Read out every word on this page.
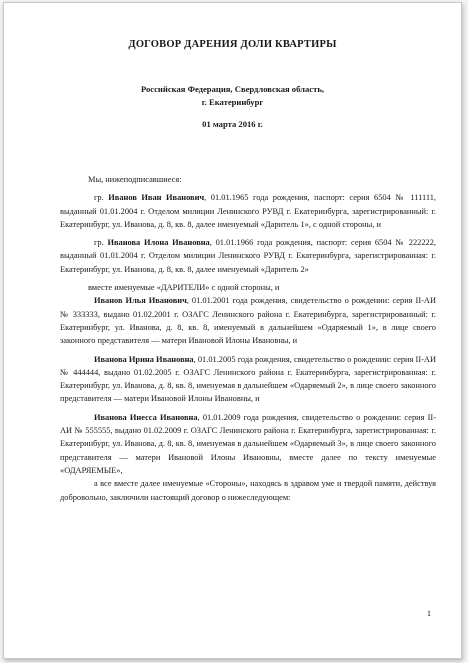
ДОГОВОР ДАРЕНИЯ ДОЛИ КВАРТИРЫ
Российская Федерация, Свердловская область,
г. Екатеринбург
01 марта 2016 г.

Мы, нижеподписавшиеся:

гр. Иванов Иван Иванович, 01.01.1965 года рождения, паспорт: серия 6504 № 111111, выданный 01.01.2004 г. Отделом милиции Ленинского РУВД г. Екатеринбурга, зарегистрированный: г. Екатеринбург, ул. Иванова, д. 8, кв. 8, далее именуемый «Даритель 1», с одной стороны, и

гр. Иванова Илона Ивановна, 01.01.1966 года рождения, паспорт: серия 6504 № 222222, выданный 01.01.2004 г. Отделом милиции Ленинского РУВД г. Екатеринбурга, зарегистрированная: г. Екатеринбург, ул. Иванова, д. 8, кв. 8, далее именуемый «Даритель 2»

вместе именуемые «ДАРИТЕЛИ» с одной стороны, и

Иванов Илья Иванович, 01.01.2001 года рождения, свидетельство о рождении: серия II-АИ № 333333, выдано 01.02.2001 г. ОЗАГС Ленинского района г. Екатеринбурга, зарегистрированный: г. Екатеринбург, ул. Иванова, д. 8, кв. 8, именуемый в дальнейшем «Одаряемый 1», в лице своего законного представителя — матери Ивановой Илоны Ивановны, и

Иванова Ирина Ивановна, 01.01.2005 года рождения, свидетельство о рождении: серия II-АИ № 444444, выдано 01.02.2005 г. ОЗАГС Ленинского района г. Екатеринбурга, зарегистрированная: г. Екатеринбург, ул. Иванова, д. 8, кв. 8, именуемая в дальнейшем «Одаряемый 2», в лице своего законного представителя — матери Ивановой Илоны Ивановны, и

Иванова Инесса Ивановна, 01.01.2009 года рождения, свидетельство о рождении: серия II-АИ № 555555, выдано 01.02.2009 г. ОЗАГС Ленинского района г. Екатеринбурга, зарегистрированная: г. Екатеринбург, ул. Иванова, д. 8, кв. 8, именуемая в дальнейшем «Одаряемый 3», в лице своего законного представителя — матери Ивановой Илоны Ивановны, вместе далее по тексту именуемые «ОДАРЯЕМЫЕ»,

а все вместе далее именуемые «Стороны», находясь в здравом уме и твердой памяти, действуя добровольно, заключили настоящий договор о нижеследующем:

1
